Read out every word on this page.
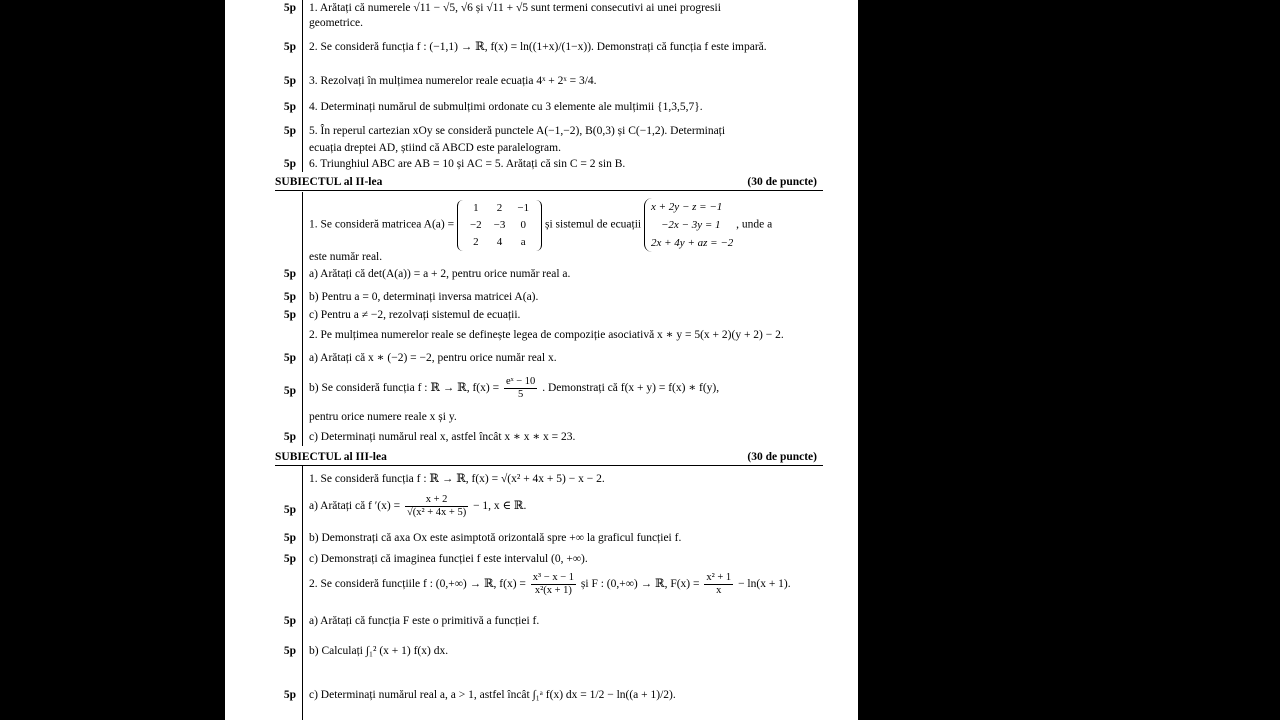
5p 1. Arătați că numerele √11 − √5, √6 și √11 + √5 sunt termeni consecutivi ai unei progresii
geometrice.
5p 2. Se consideră funcția f : (−1,1) → ℝ, f(x) = ln((1+x)/(1−x)). Demonstrați că funcția f este impară.
5p 3. Rezolvați în mulțimea numerelor reale ecuația 4ˣ + 2ˣ = 3/4.
5p 4. Determinați numărul de submulțimi ordonate cu 3 elemente ale mulțimii {1,3,5,7}.
5p 5. În reperul cartezian xOy se consideră punctele A(−1,−2), B(0,3) și C(−1,2). Determinați
ecuația dreptei AD, știind că ABCD este paralelogram.
5p 6. Triunghiul ABC are AB = 10 și AC = 5. Arătați că sin C = 2 sin B.
SUBIECTUL al II-lea	(30 de puncte)
1. Se consideră matricea A(a) =
1	2	−1
−2	−3	0
2	4	a
și sistemul de ecuații
x + 2y − z = −1
−2x − 3y = 1
2x + 4y + az = −2
, unde a
este număr real.
5p a) Arătați că det(A(a)) = a + 2, pentru orice număr real a.
5p b) Pentru a = 0, determinați inversa matricei A(a).
5p c) Pentru a ≠ −2, rezolvați sistemul de ecuații.
2. Pe mulțimea numerelor reale se definește legea de compoziție asociativă x ∗ y = 5(x + 2)(y + 2) − 2.
5p a) Arătați că x ∗ (−2) = −2, pentru orice număr real x.
5p b) Se consideră funcția f : ℝ → ℝ, $f(x) = \frac{\text{eˣ − 10}}{5}$ . Demonstrați că f(x + y) = f(x) ∗ f(y),
pentru orice numere reale x și y.
5p c) Determinați numărul real x, astfel încât x ∗ x ∗ x = 23.
SUBIECTUL al III-lea	(30 de puncte)
1. Se consideră funcția f : ℝ → ℝ, f(x) = √(x² + 4x + 5) − x − 2.
5p a) Arătați că f $'(x) = \frac{x + 2}{\text{√(x² + 4x + 5)}} - 1$, x ∈ ℝ.
5p b) Demonstrați că axa Ox este asimptotă orizontală spre +∞ la graficul funcției f.
5p c) Demonstrați că imaginea funcției f este intervalul (0, +∞).
2. Se consideră funcțiile f : (0,+∞) → ℝ, $f(x) = \frac{\text{x³ − x − 1}}{\text{x²(x + 1)}}$ și F : (0,+∞) → ℝ, $F(x) = \frac{\text{x² + 1}}{x} - \ln(x + 1)$.
5p a) Arătați că funcția F este o primitivă a funcției f.
5p b) Calculați ∫₁² (x + 1) f(x) dx.
5p c) Determinați numărul real a, a > 1, astfel încât ∫₁ᵃ f(x) dx = 1/2 − ln((a + 1)/2).
